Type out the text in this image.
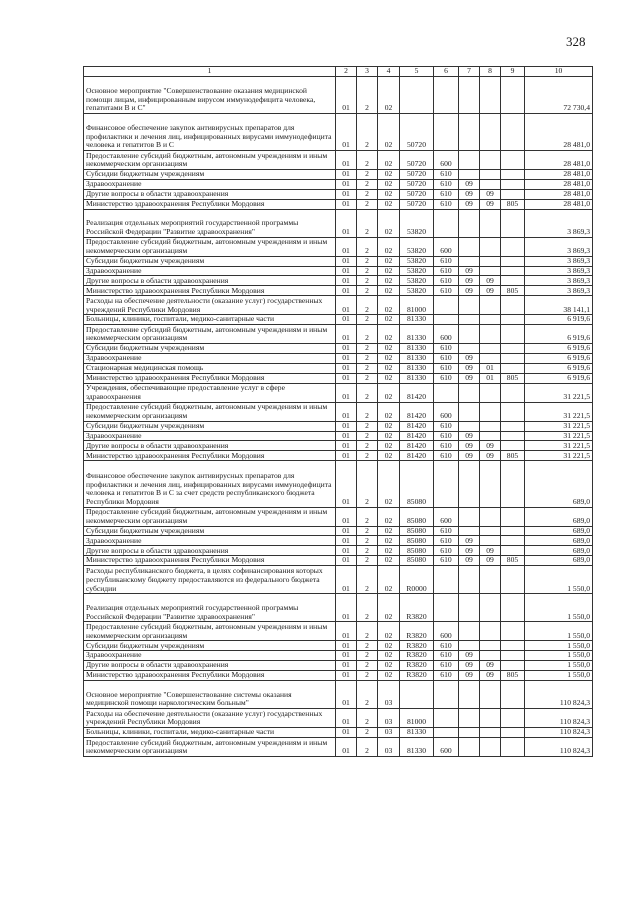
328
1	2	3	4	5	6	7	8	9	10
Основное мероприятие "Совершенствование оказания медицинской помощи лицам, инфицированным вирусом иммунодефицита человека, гепатитами В и С"	01	2	02						72 730,4
Финансовое обеспечение закупок антивирусных препаратов для профилактики и лечения лиц, инфицированных вирусами иммунодефицита человека и гепатитов В и С	01	2	02	50720					28 481,0
Предоставление субсидий бюджетным, автономным учреждениям и иным некоммерческим организациям	01	2	02	50720	600				28 481,0
Субсидии бюджетным учреждениям	01	2	02	50720	610				28 481,0
Здравоохранение	01	2	02	50720	610	09			28 481,0
Другие вопросы в области здравоохранения	01	2	02	50720	610	09	09		28 481,0
Министерство здравоохранения Республики Мордовия	01	2	02	50720	610	09	09	805	28 481,0
Реализация отдельных мероприятий государственной программы Российской Федерации "Развитие здравоохранения"	01	2	02	53820					3 869,3
Предоставление субсидий бюджетным, автономным учреждениям и иным некоммерческим организациям	01	2	02	53820	600				3 869,3
Субсидии бюджетным учреждениям	01	2	02	53820	610				3 869,3
Здравоохранение	01	2	02	53820	610	09			3 869,3
Другие вопросы в области здравоохранения	01	2	02	53820	610	09	09		3 869,3
Министерство здравоохранения Республики Мордовия	01	2	02	53820	610	09	09	805	3 869,3
Расходы на обеспечение деятельности (оказание услуг) государственных учреждений Республики Мордовия	01	2	02	81000					38 141,1
Больницы, клиники, госпитали, медико-санитарные части	01	2	02	81330					6 919,6
Предоставление субсидий бюджетным, автономным учреждениям и иным некоммерческим организациям	01	2	02	81330	600				6 919,6
Субсидии бюджетным учреждениям	01	2	02	81330	610				6 919,6
Здравоохранение	01	2	02	81330	610	09			6 919,6
Стационарная медицинская помощь	01	2	02	81330	610	09	01		6 919,6
Министерство здравоохранения Республики Мордовия	01	2	02	81330	610	09	01	805	6 919,6
Учреждения, обеспечивающие предоставление услуг в сфере здравоохранения	01	2	02	81420					31 221,5
Предоставление субсидий бюджетным, автономным учреждениям и иным некоммерческим организациям	01	2	02	81420	600				31 221,5
Субсидии бюджетным учреждениям	01	2	02	81420	610				31 221,5
Здравоохранение	01	2	02	81420	610	09			31 221,5
Другие вопросы в области здравоохранения	01	2	02	81420	610	09	09		31 221,5
Министерство здравоохранения Республики Мордовия	01	2	02	81420	610	09	09	805	31 221,5
Финансовое обеспечение закупок антивирусных препаратов для профилактики и лечения лиц, инфицированных вирусами иммунодефицита человека и гепатитов В и С за счет средств республиканского бюджета Республики Мордовия	01	2	02	85080					689,0
Предоставление субсидий бюджетным, автономным учреждениям и иным некоммерческим организациям	01	2	02	85080	600				689,0
Субсидии бюджетным учреждениям	01	2	02	85080	610				689,0
Здравоохранение	01	2	02	85080	610	09			689,0
Другие вопросы в области здравоохранения	01	2	02	85080	610	09	09		689,0
Министерство здравоохранения Республики Мордовия	01	2	02	85080	610	09	09	805	689,0
Расходы республиканского бюджета, в целях софинансирования которых республиканскому бюджету предоставляются из федерального бюджета субсидии	01	2	02	R0000					1 550,0
Реализация отдельных мероприятий государственной программы Российской Федерации "Развитие здравоохранения"	01	2	02	R3820					1 550,0
Предоставление субсидий бюджетным, автономным учреждениям и иным некоммерческим организациям	01	2	02	R3820	600				1 550,0
Субсидии бюджетным учреждениям	01	2	02	R3820	610				1 550,0
Здравоохранение	01	2	02	R3820	610	09			1 550,0
Другие вопросы в области здравоохранения	01	2	02	R3820	610	09	09		1 550,0
Министерство здравоохранения Республики Мордовия	01	2	02	R3820	610	09	09	805	1 550,0
Основное мероприятие "Совершенствование системы оказания медицинской помощи наркологическим больным"	01	2	03						110 824,3
Расходы на обеспечение деятельности (оказание услуг) государственных учреждений Республики Мордовия	01	2	03	81000					110 824,3
Больницы, клиники, госпитали, медико-санитарные части	01	2	03	81330					110 824,3
Предоставление субсидий бюджетным, автономным учреждениям и иным некоммерческим организациям	01	2	03	81330	600				110 824,3
